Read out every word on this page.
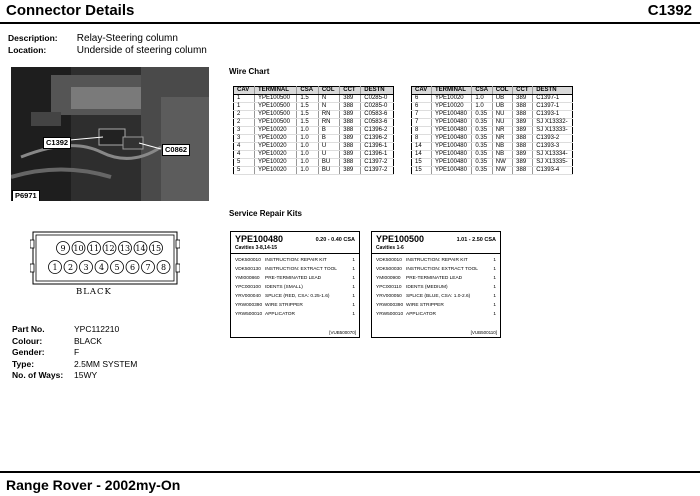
Connector Details	C1392
Description: Relay-Steering column
Location:	Underside of steering column
C1392
C0862
P6971
Wire Chart
CAV	TERMINAL	CSA	COL	CCT	DESTN
1	YPE100500	1.5	N	389	C0285-0
1	YPE100500	1.5	N	388	C0285-0
2	YPE100500	1.5	RN	389	C0583-6
2	YPE100500	1.5	RN	388	C0583-6
3	YPE10020	1.0	B	388	C1396-2
3	YPE10020	1.0	B	389	C1396-2
4	YPE10020	1.0	U	388	C1396-1
4	YPE10020	1.0	U	389	C1396-1
5	YPE10020	1.0	BU	388	C1397-2
5	YPE10020	1.0	BU	389	C1397-2
CAV	TERMINAL	CSA	COL	CCT	DESTN
6	YPE10020	1.0	UB	389	C1397-1
6	YPE10020	1.0	UB	388	C1397-1
7	YPE100480	0.35	NU	388	C1393-1
7	YPE100480	0.35	NU	389	SJ X13332-
8	YPE100480	0.35	NR	389	SJ X13333-
8	YPE100480	0.35	NR	388	C1393-2
14	YPE100480	0.35	NB	388	C1393-3
14	YPE100480	0.35	NB	389	SJ X13334-
15	YPE100480	0.35	NW	389	SJ X13335-
15	YPE100480	0.35	NW	388	C1393-4
Service Repair Kits
YPE100480	0.20 - 0.40 CSA
Cavities 3-8,14-15
VDK500010 INSTRUCTION: REPAIR KIT	1
VDK500130 INSTRUCTION: EXTRACT TOOL	1
YMI000860 PRE-TERMINATED LEAD	1
YPC000100 IDENTS (SMALL)	1
YRV000040 SPLICE (RED, CSA: 0.25-1.6)	1
YRW000390 WIRE STRIPPER	1
YRW500010 APPLICATOR	1
[VUB500070]
YPE100500	1.01 - 2.50 CSA
Cavities 1-6
VDK500010 INSTRUCTION: REPAIR KIT	1
VDK500030 INSTRUCTION: EXTRACT TOOL	1
YMI000900 PRE-TERMINATED LEAD	1
YPC000110 IDENTS (MEDIUM)	1
YRV000050 SPLICE (BLUE, CSA: 1.0-2.6)	1
YRW000390 WIRE STRIPPER	1
YRW500010 APPLICATOR	1
[VUB500110]
9 10 11 12 13 14 15
1 2 3 4 5 6 7 8
BLACK
Part No.	YPC112210
Colour:	BLACK
Gender:	F
Type:	2.5MM SYSTEM
No. of Ways: 15WY
Range Rover - 2002my-On
